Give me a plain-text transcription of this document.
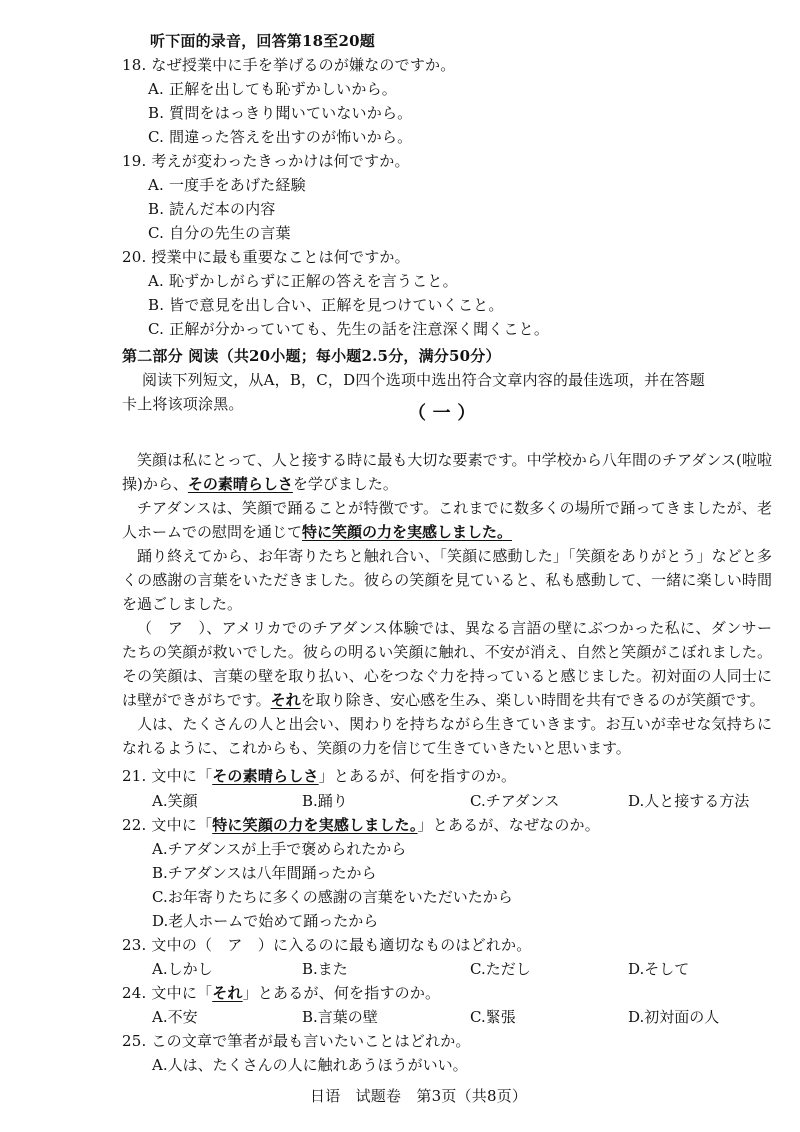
听下面的录音，回答第18至20题
18. なぜ授業中に手を挙げるのが嫌なのですか。
A. 正解を出しても恥ずかしいから。
B. 質問をはっきり聞いていないから。
C. 間違った答えを出すのが怖いから。
19. 考えが変わったきっかけは何ですか。
A. 一度手をあげた経験
B. 読んだ本の内容
C. 自分の先生の言葉
20. 授業中に最も重要なことは何ですか。
A. 恥ずかしがらずに正解の答えを言うこと。
B. 皆で意見を出し合い、正解を見つけていくこと。
C. 正解が分かっていても、先生の話を注意深く聞くこと。
第二部分 阅读（共20小题；每小题2.5分，满分50分）
阅读下列短文，从A，B，C，D四个选项中选出符合文章内容的最佳选项，并在答题
卡上将该项涂黑。	（ 一 ）
笑顔は私にとって、人と接する時に最も大切な要素です。中学校から八年間のチアダンス(啦啦操)から、その素晴らしさを学びました。
チアダンスは、笑顔で踊ることが特徴です。これまでに数多くの場所で踊ってきましたが、老人ホームでの慰問を通じて特に笑顔の力を実感しました。
踊り終えてから、お年寄りたちと触れ合い、「笑顔に感動した」「笑顔をありがとう」などと多くの感謝の言葉をいただきました。彼らの笑顔を見ていると、私も感動して、一緒に楽しい時間を過ごしました。
（　ア　）、アメリカでのチアダンス体験では、異なる言語の壁にぶつかった私に、ダンサーたちの笑顔が救いでした。彼らの明るい笑顔に触れ、不安が消え、自然と笑顔がこぼれました。その笑顔は、言葉の壁を取り払い、心をつなぐ力を持っていると感じました。初対面の人同士には壁ができがちです。それを取り除き、安心感を生み、楽しい時間を共有できるのが笑顔です。
人は、たくさんの人と出会い、関わりを持ちながら生きていきます。お互いが幸せな気持ちになれるように、これからも、笑顔の力を信じて生きていきたいと思います。
21. 文中に「その素晴らしさ」とあるが、何を指すのか。
A.笑顔	B.踊り	C.チアダンス	D.人と接する方法
22. 文中に「特に笑顔の力を実感しました。」とあるが、なぜなのか。
A.チアダンスが上手で褒められたから
B.チアダンスは八年間踊ったから
C.お年寄りたちに多くの感謝の言葉をいただいたから
D.老人ホームで始めて踊ったから
23. 文中の（　ア　）に入るのに最も適切なものはどれか。
A.しかし	B.また	C.ただし	D.そして
24. 文中に「それ」とあるが、何を指すのか。
A.不安	B.言葉の壁	C.緊張	D.初対面の人
25. この文章で筆者が最も言いたいことはどれか。
A.人は、たくさんの人に触れあうほうがいい。
日语　试题卷　第3页（共8页）
